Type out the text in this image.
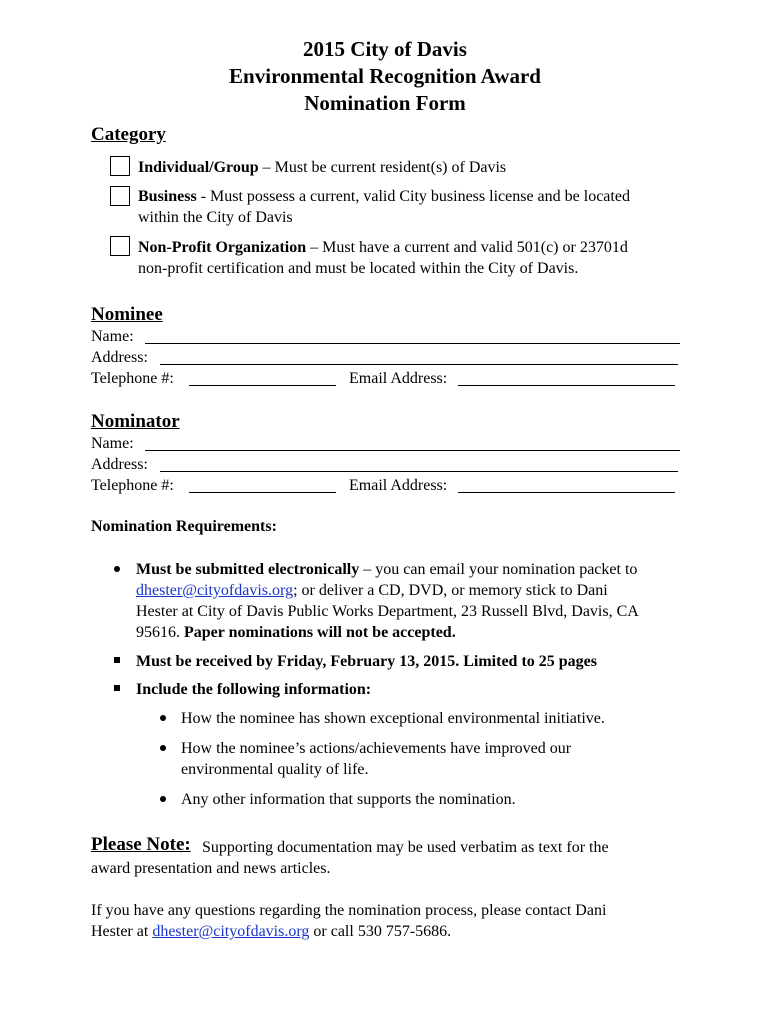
2015 City of Davis
Environmental Recognition Award
Nomination Form
Category
Individual/Group – Must be current resident(s) of Davis
Business - Must possess a current, valid City business license and be located
within the City of Davis
Non-Profit Organization – Must have a current and valid 501(c) or 23701d
non-profit certification and must be located within the City of Davis.
Nominee
Name:
Address:
Telephone #:	Email Address:
Nominator
Name:
Address:
Telephone #:	Email Address:
Nomination Requirements:
Must be submitted electronically – you can email your nomination packet to
dhester@cityofdavis.org; or deliver a CD, DVD, or memory stick to Dani
Hester at City of Davis Public Works Department, 23 Russell Blvd, Davis, CA
95616. Paper nominations will not be accepted.
Must be received by Friday, February 13, 2015. Limited to 25 pages
Include the following information:
How the nominee has shown exceptional environmental initiative.
How the nominee’s actions/achievements have improved our
environmental quality of life.
Any other information that supports the nomination.
Please Note: Supporting documentation may be used verbatim as text for the
award presentation and news articles.
If you have any questions regarding the nomination process, please contact Dani
Hester at dhester@cityofdavis.org or call 530 757-5686.
